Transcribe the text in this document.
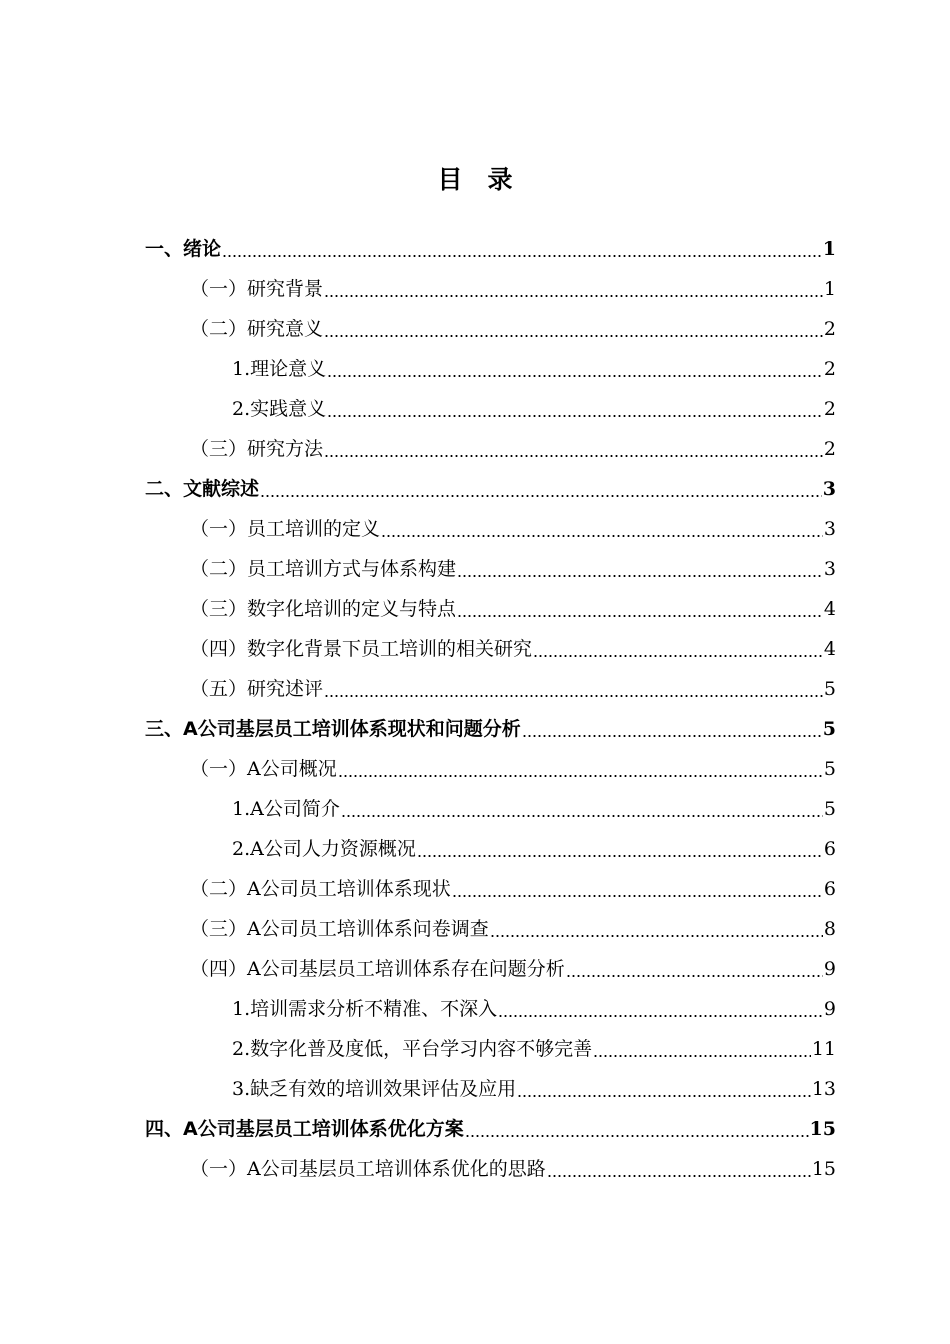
目　录
一、绪论	1
（一）研究背景	1
（二）研究意义	2
1.理论意义	2
2.实践意义	2
（三）研究方法	2
二、文献综述	3
（一）员工培训的定义	3
（二）员工培训方式与体系构建	3
（三）数字化培训的定义与特点	4
（四）数字化背景下员工培训的相关研究	4
（五）研究述评	5
三、A公司基层员工培训体系现状和问题分析	5
（一）A公司概况	5
1.A公司简介	5
2.A公司人力资源概况	6
（二）A公司员工培训体系现状	6
（三）A公司员工培训体系问卷调查	8
（四）A公司基层员工培训体系存在问题分析	9
1.培训需求分析不精准、不深入	9
2.数字化普及度低，平台学习内容不够完善	11
3.缺乏有效的培训效果评估及应用	13
四、A公司基层员工培训体系优化方案	15
（一）A公司基层员工培训体系优化的思路	15
